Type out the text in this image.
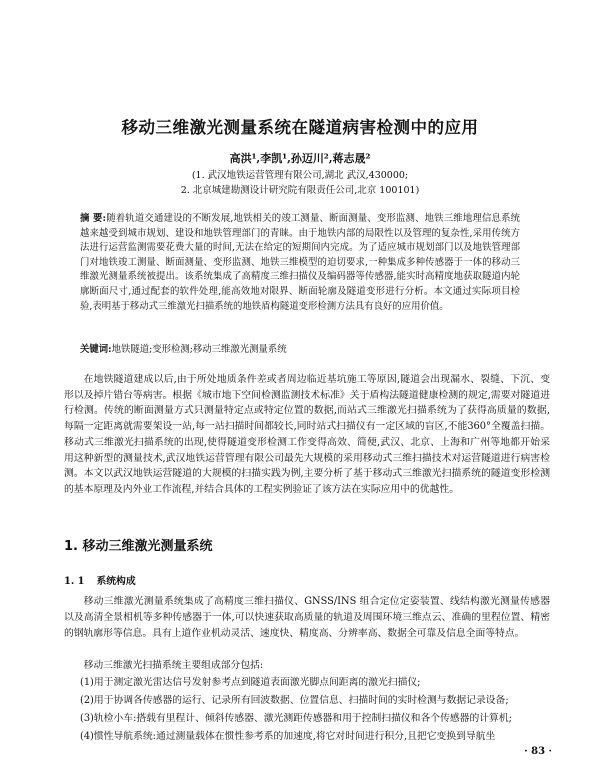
移动三维激光测量系统在隧道病害检测中的应用
高洪¹,李凯¹,孙迈川²,蒋志晟²
(1. 武汉地铁运营管理有限公司,湖北 武汉,430000;
2. 北京城建勘测设计研究院有限责任公司,北京 100101)

摘 要:随着轨道交通建设的不断发展,地铁相关的竣工测量、断面测量、变形监测、地铁三维地理信息系统越来越受到城市规划、建设和地铁管理部门的青睐。由于地铁内部的局限性以及管理的复杂性,采用传统方法进行运营监测需要花费大量的时间,无法在给定的短期间内完成。为了适应城市规划部门以及地铁管理部门对地铁竣工测量、断面测量、变形监测、地铁三维模型的迫切要求,一种集成多种传感器于一体的移动三维激光测量系统被提出。该系统集成了高精度三维扫描仪及编码器等传感器,能实时高精度地获取隧道内轮廓断面尺寸,通过配套的软件处理,能高效地对限界、断面轮廓及隧道变形进行分析。本文通过实际项目检验,表明基于移动式三维激光扫描系统的地铁盾构隧道变形检测方法具有良好的应用价值。

关键词:地铁隧道;变形检测;移动三维激光测量系统

在地铁隧道建成以后,由于所处地质条件差或者周边临近基坑施工等原因,隧道会出现漏水、裂缝、下沉、变形以及掉片错台等病害。根据《城市地下空间检测监测技术标准》关于盾构法隧道健康检测的规定,需要对隧道进行检测。传统的断面测量方式只测量特定点或特定位置的数据,而站式三维激光扫描系统为了获得高质量的数据,每隔一定距离就需要架设一站,每一站扫描时间都较长,同时站式扫描仪有一定区域的盲区,不能360°全覆盖扫描。移动式三维激光扫描系统的出现,使得隧道变形检测工作变得高效、简便,武汉、北京、上海和广州等地都开始采用这种新型的测量技术,武汉地铁运营管理有限公司最先大规模的采用移动式三维扫描技术对运营隧道进行病害检测。本文以武汉地铁运营隧道的大规模的扫描实践为例,主要分析了基于移动式三维激光扫描系统的隧道变形检测的基本原理及内外业工作流程,并结合具体的工程实例验证了该方法在实际应用中的优越性。

1. 移动三维激光测量系统
1. 1 系统构成

移动三维激光测量系统集成了高精度三维扫描仪、GNSS/INS 组合定位定姿装置、线结构激光测量传感器以及高清全景相机等多种传感器于一体,可以快速获取高质量的轨道及周围环境三维点云、准确的里程位置、精密的钢轨廓形等信息。具有上道作业机动灵活、速度快、精度高、分辨率高、数据全可靠及信息全面等特点。

移动三维激光扫描系统主要组成部分包括:

(1)用于测定激光雷达信号发射参考点到隧道表面激光脚点间距离的激光扫描仪;
(2)用于协调各传感器的运行、记录所有回波数据、位置信息、扫描时间的实时检测与数据记录设备;
(3)轨检小车:搭载有里程计、倾斜传感器、激光测距传感器和用于控制扫描仪和各个传感器的计算机;
(4)惯性导航系统:通过测量载体在惯性参考系的加速度,将它对时间进行积分,且把它变换到导航坐
· 83 ·
